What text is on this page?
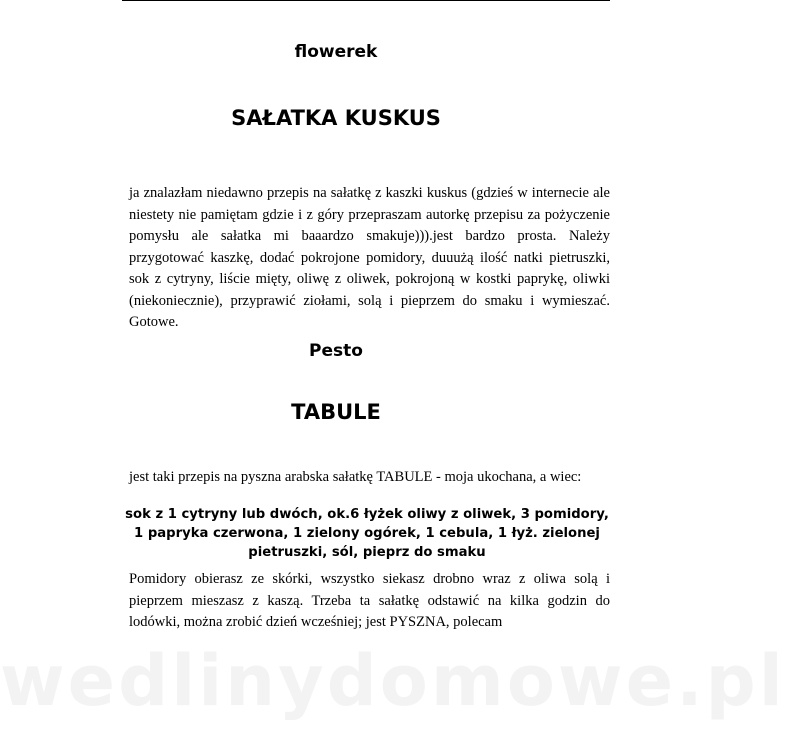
flowerek

SAŁATKA KUSKUS

ja znalazłam niedawno przepis na sałatkę z kaszki kuskus (gdzieś w internecie ale niestety nie pamiętam gdzie i z góry przepraszam autorkę przepisu za pożyczenie pomysłu ale sałatka mi baaardzo smakuje))).jest bardzo prosta. Należy przygotować kaszkę, dodać pokrojone pomidory, duuużą ilość natki pietruszki, sok z cytryny, liście mięty, oliwę z oliwek, pokrojoną w kostki paprykę, oliwki (niekoniecznie), przyprawić ziołami, solą i pieprzem do smaku i wymieszać. Gotowe.

Pesto

TABULE

jest taki przepis na pyszna arabska sałatkę TABULE - moja ukochana, a wiec:

sok z 1 cytryny lub dwóch, ok.6 łyżek oliwy z oliwek, 3 pomidory, 1 papryka czerwona, 1 zielony ogórek, 1 cebula, 1 łyż. zielonej pietruszki, sól, pieprz do smaku

Pomidory obierasz ze skórki, wszystko siekasz drobno wraz z oliwa solą i pieprzem mieszasz z kaszą. Trzeba ta sałatkę odstawić na kilka godzin do lodówki, można zrobić dzień wcześniej; jest PYSZNA, polecam

wedlinydomowe.pl
